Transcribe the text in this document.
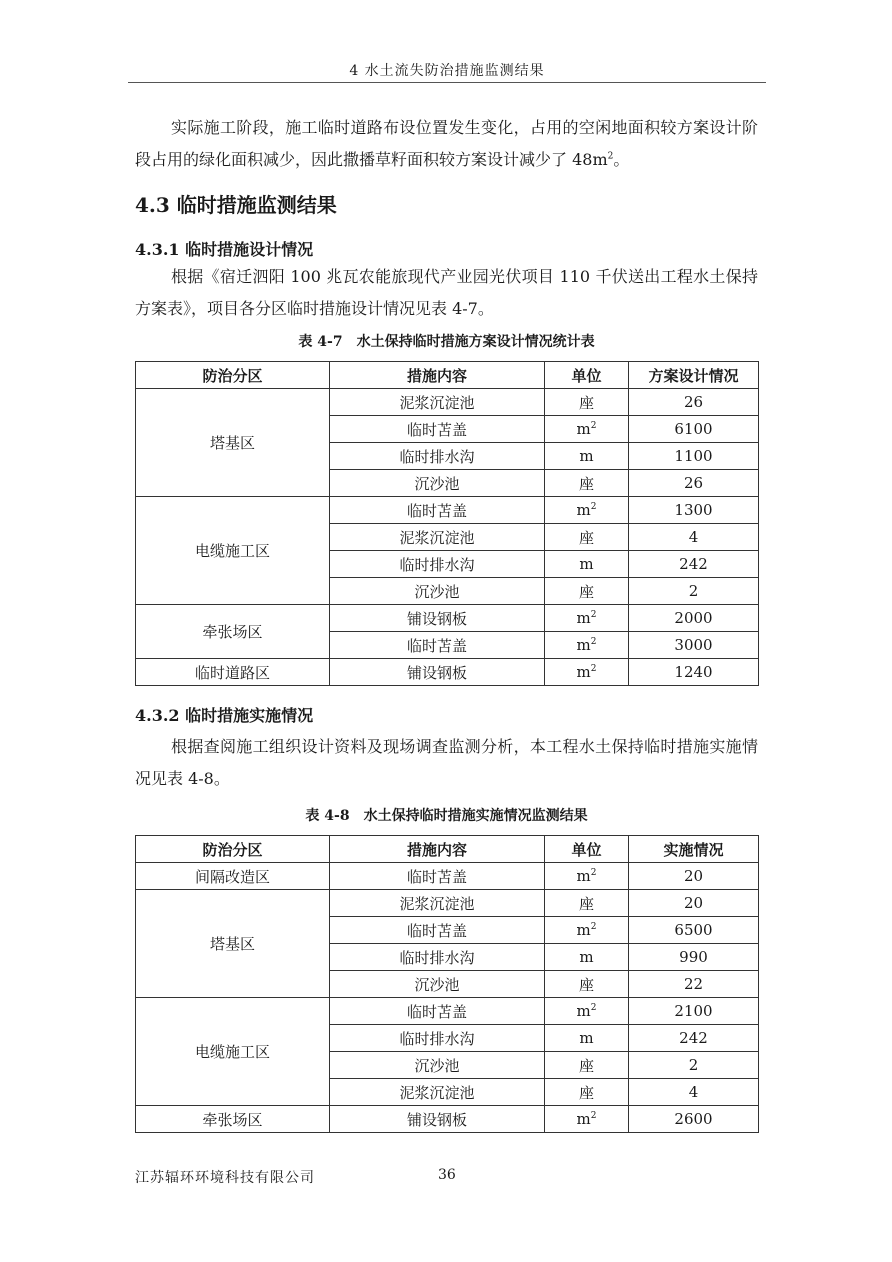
4 水土流失防治措施监测结果

实际施工阶段，施工临时道路布设位置发生变化，占用的空闲地面积较方案设计阶段占用的绿化面积减少，因此撒播草籽面积较方案设计减少了 $48m^2$。

4.3 临时措施监测结果
4.3.1 临时措施设计情况

根据《宿迁泗阳 100 兆瓦农能旅现代产业园光伏项目 110 千伏送出工程水土保持方案表》，项目各分区临时措施设计情况见表 4-7。

表 4-7　水土保持临时措施方案设计情况统计表

防治分区	措施内容	单位	方案设计情况
塔基区	泥浆沉淀池	座	26
	临时苫盖	$m^2$	6100
	临时排水沟	m	1100
	沉沙池	座	26
电缆施工区	临时苫盖	$m^2$	1300
	泥浆沉淀池	座	4
	临时排水沟	m	242
	沉沙池	座	2
牵张场区	铺设钢板	$m^2$	2000
	临时苫盖	$m^2$	3000
临时道路区	铺设钢板	$m^2$	1240
4.3.2 临时措施实施情况

根据查阅施工组织设计资料及现场调查监测分析，本工程水土保持临时措施实施情况见表 4-8。

表 4-8　水土保持临时措施实施情况监测结果

防治分区	措施内容	单位	实施情况
间隔改造区	临时苫盖	$m^2$	20
塔基区	泥浆沉淀池	座	20
	临时苫盖	$m^2$	6500
	临时排水沟	m	990
	沉沙池	座	22
电缆施工区	临时苫盖	$m^2$	2100
	临时排水沟	m	242
	沉沙池	座	2
	泥浆沉淀池	座	4
牵张场区	铺设钢板	$m^2$	2600
江苏辐环环境科技有限公司	36
